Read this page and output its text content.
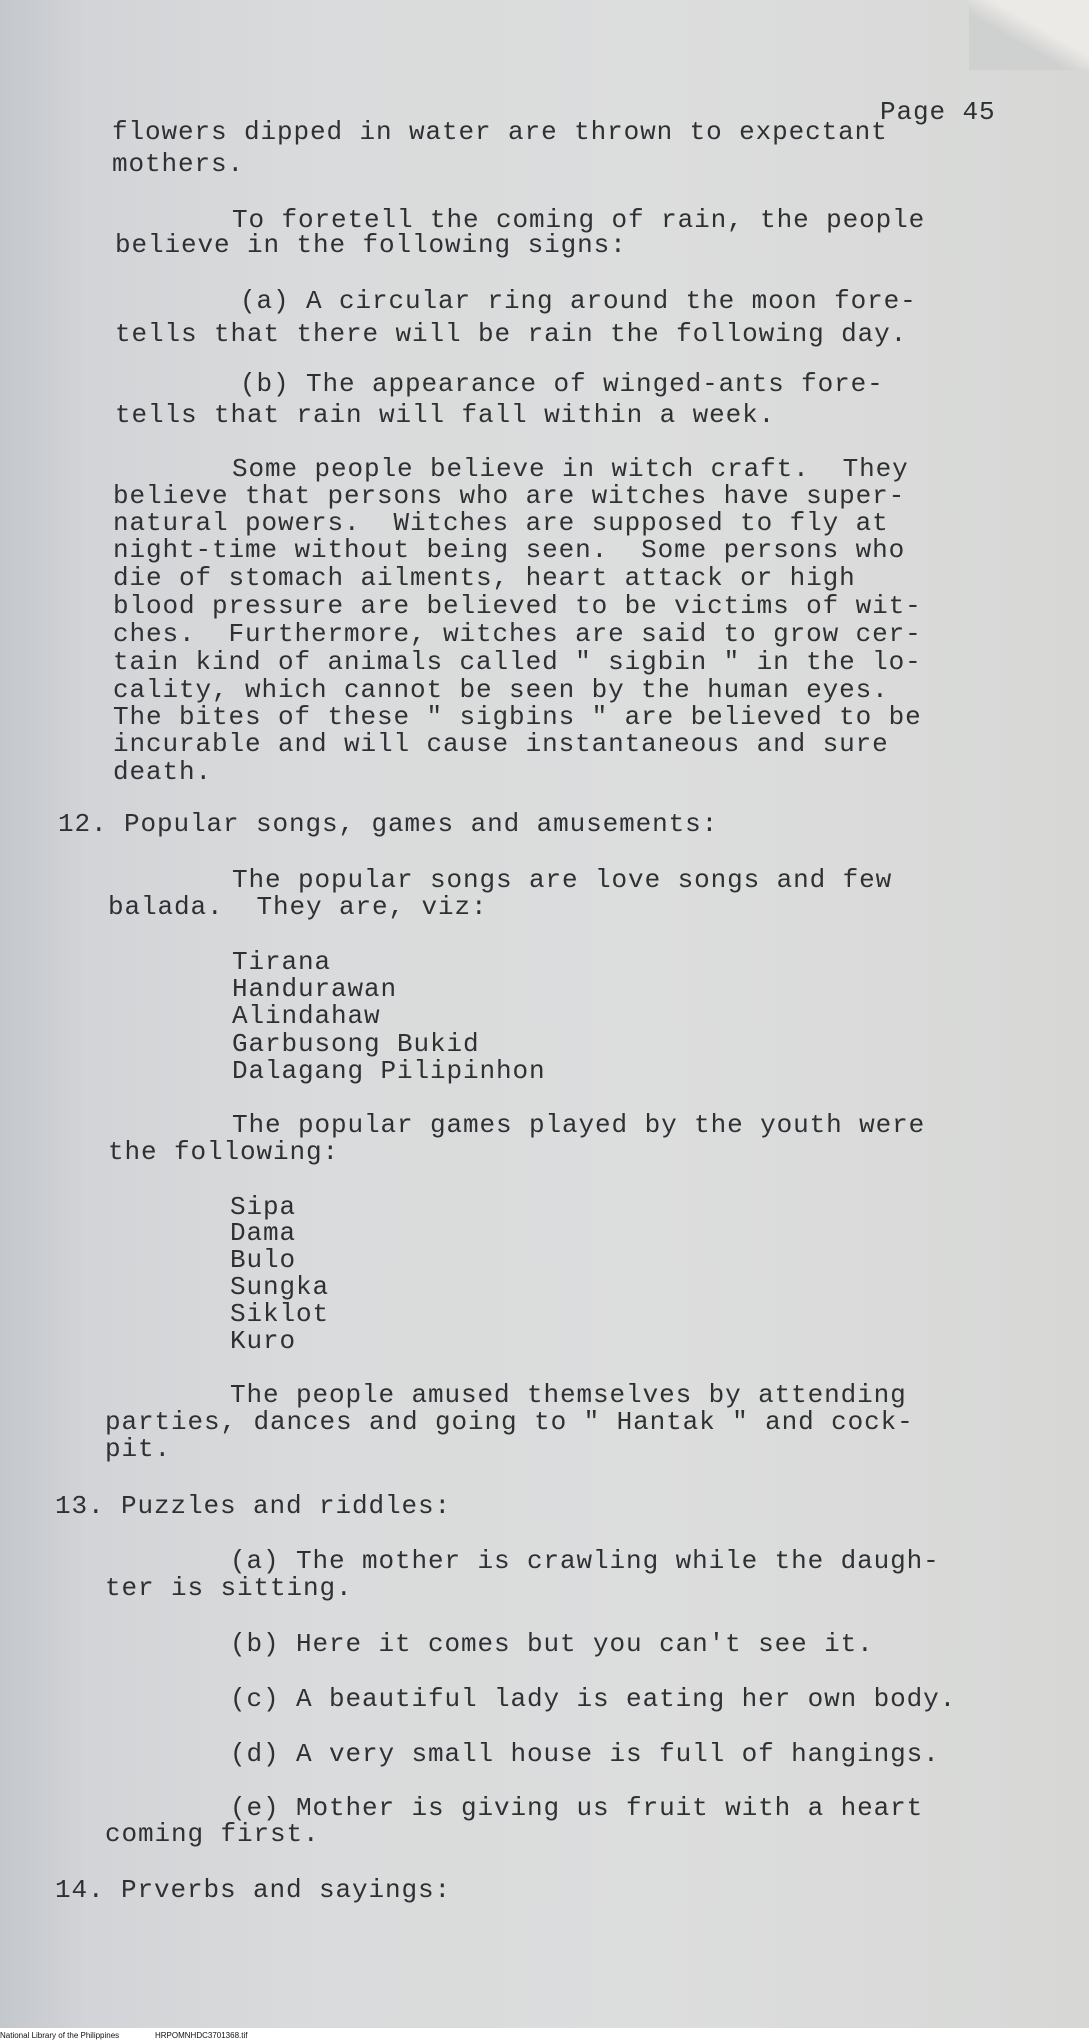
Page 45
flowers dipped in water are thrown to expectant
mothers.
To foretell the coming of rain, the people
believe in the following signs:
(a) A circular ring around the moon fore-
tells that there will be rain the following day.
(b) The appearance of winged-ants fore-
tells that rain will fall within a week.
Some people believe in witch craft.  They
believe that persons who are witches have super-
natural powers.  Witches are supposed to fly at
night-time without being seen.  Some persons who
die of stomach ailments, heart attack or high
blood pressure are believed to be victims of wit-
ches.  Furthermore, witches are said to grow cer-
tain kind of animals called " sigbin " in the lo-
cality, which cannot be seen by the human eyes.
The bites of these " sigbins " are believed to be
incurable and will cause instantaneous and sure
death.
12. Popular songs, games and amusements:
The popular songs are love songs and few
balada.  They are, viz:
Tirana
Handurawan
Alindahaw
Garbusong Bukid
Dalagang Pilipinhon
The popular games played by the youth were
the following:
Sipa
Dama
Bulo
Sungka
Siklot
Kuro
The people amused themselves by attending
parties, dances and going to " Hantak " and cock-
pit.
13. Puzzles and riddles:
(a) The mother is crawling while the daugh-
ter is sitting.
(b) Here it comes but you can't see it.
(c) A beautiful lady is eating her own body.
(d) A very small house is full of hangings.
(e) Mother is giving us fruit with a heart
coming first.
14. Prverbs and sayings:
National Library of the Philippines	HRPOMNHDC3701368.tif
